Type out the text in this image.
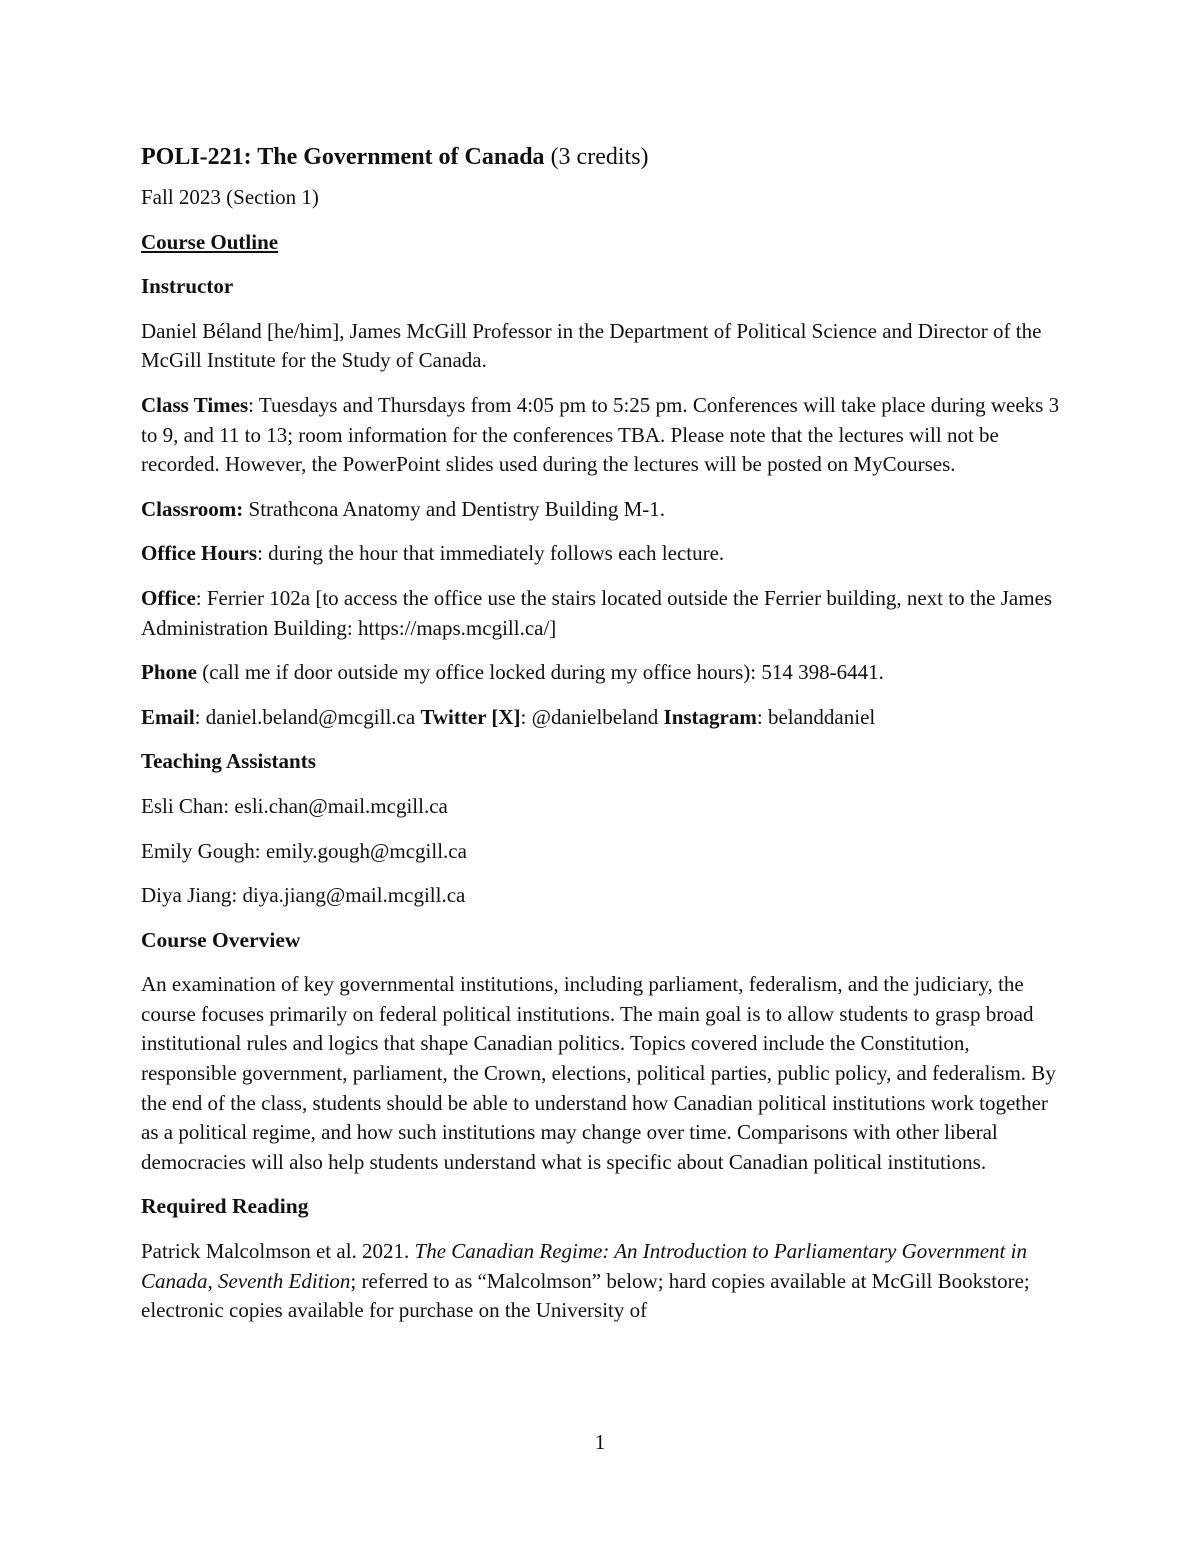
POLI-221: The Government of Canada (3 credits)

Fall 2023 (Section 1)

Course Outline

Instructor

Daniel Béland [he/him], James McGill Professor in the Department of Political Science and Director of the McGill Institute for the Study of Canada.

Class Times: Tuesdays and Thursdays from 4:05 pm to 5:25 pm. Conferences will take place during weeks 3 to 9, and 11 to 13; room information for the conferences TBA. Please note that the lectures will not be recorded. However, the PowerPoint slides used during the lectures will be posted on MyCourses.

Classroom: Strathcona Anatomy and Dentistry Building M-1.

Office Hours: during the hour that immediately follows each lecture.

Office: Ferrier 102a [to access the office use the stairs located outside the Ferrier building, next to the James Administration Building: https://maps.mcgill.ca/]

Phone (call me if door outside my office locked during my office hours): 514 398-6441.

Email: daniel.beland@mcgill.ca Twitter [X]: @danielbeland Instagram: belanddaniel

Teaching Assistants

Esli Chan: esli.chan@mail.mcgill.ca

Emily Gough: emily.gough@mcgill.ca

Diya Jiang: diya.jiang@mail.mcgill.ca

Course Overview

An examination of key governmental institutions, including parliament, federalism, and the judiciary, the course focuses primarily on federal political institutions. The main goal is to allow students to grasp broad institutional rules and logics that shape Canadian politics. Topics covered include the Constitution, responsible government, parliament, the Crown, elections, political parties, public policy, and federalism. By the end of the class, students should be able to understand how Canadian political institutions work together as a political regime, and how such institutions may change over time. Comparisons with other liberal democracies will also help students understand what is specific about Canadian political institutions.

Required Reading

Patrick Malcolmson et al. 2021. The Canadian Regime: An Introduction to Parliamentary Government in Canada, Seventh Edition; referred to as “Malcolmson” below; hard copies available at McGill Bookstore; electronic copies available for purchase on the University of

1
